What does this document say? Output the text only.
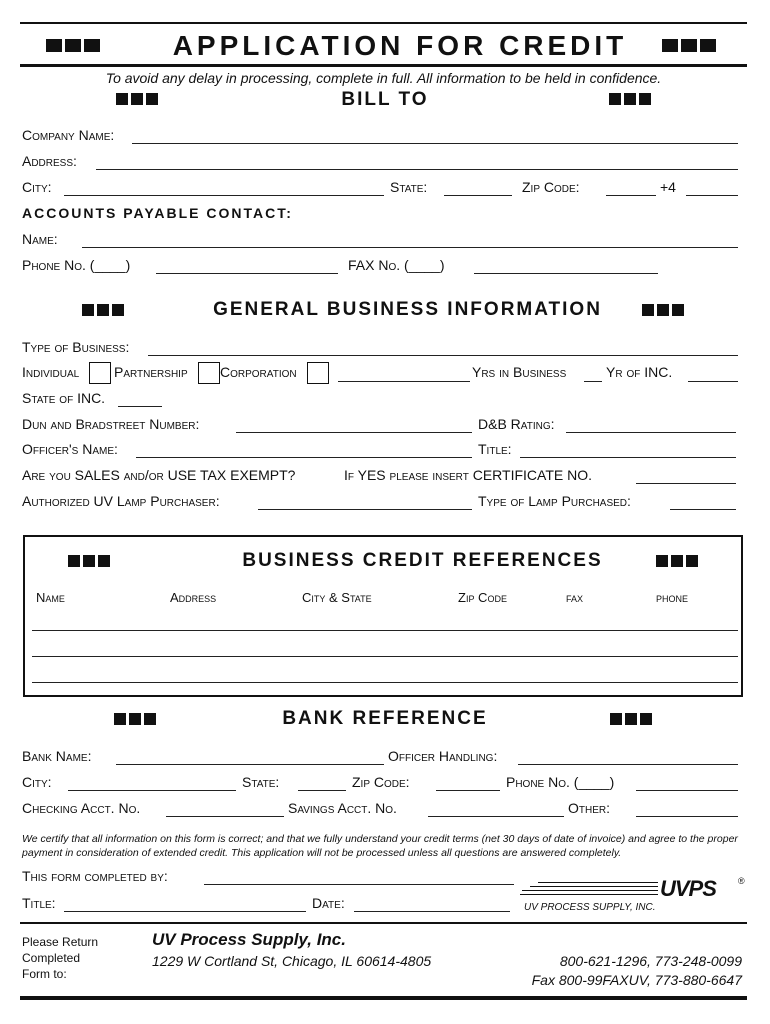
APPLICATION FOR CREDIT
To avoid any delay in processing, complete in full. All information to be held in confidence.
BILL TO
Company Name:
Address:
City:	State:	Zip Code:	+4
ACCOUNTS PAYABLE CONTACT:
Name:
Phone No. (____)	FAX No. (____)
GENERAL BUSINESS INFORMATION
Type of Business:
Individual Partnership Corporation	Yrs in Business	Yr of INC.
State of INC.
Dun and Bradstreet Number:	D&B Rating:
Officer's Name:	Title:
Are you SALES and/or USE TAX EXEMPT?	If YES please insert CERTIFICATE NO.
Authorized UV Lamp Purchaser:	Type of Lamp Purchased:
BUSINESS CREDIT REFERENCES
Name	Address	City & State	Zip Code	fax	phone
BANK REFERENCE
Bank Name:	Officer Handling:
City:	State:	Zip Code:	Phone No. (____)
Checking Acct. No.	Savings Acct. No.	Other:
We certify that all information on this form is correct; and that we fully understand your credit terms (net 30 days of date of invoice) and agree to the proper payment in consideration of extended credit. This application will not be processed unless all questions are answered completely.
This form completed by:
Title:	Date:
UVPS ®
UV PROCESS SUPPLY, INC.
Please Return
Completed
Form to:
UV Process Supply, Inc.
1229 W Cortland St, Chicago, IL 60614-4805	800-621-1296, 773-248-0099
Fax 800-99FAXUV, 773-880-6647
